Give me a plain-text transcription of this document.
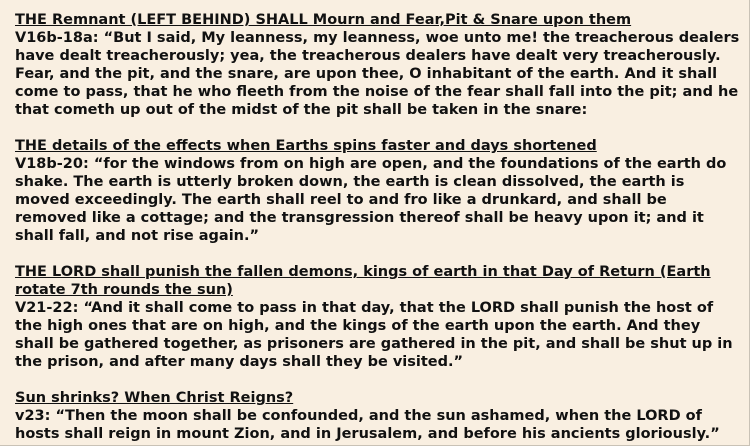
THE Remnant (LEFT BEHIND) SHALL Mourn and Fear,Pit & Snare upon them
V16b-18a: “But I said, My leanness, my leanness, woe unto me! the treacherous dealers have dealt treacherously; yea, the treacherous dealers have dealt very treacherously. Fear, and the pit, and the snare, are upon thee, O inhabitant of the earth. And it shall come to pass, that he who fleeth from the noise of the fear shall fall into the pit; and he that cometh up out of the midst of the pit shall be taken in the snare:
THE details of the effects when Earths spins faster and days shortened
V18b-20: “for the windows from on high are open, and the foundations of the earth do shake. The earth is utterly broken down, the earth is clean dissolved, the earth is moved exceedingly. The earth shall reel to and fro like a drunkard, and shall be removed like a cottage; and the transgression thereof shall be heavy upon it; and it shall fall, and not rise again.”
THE LORD shall punish the fallen demons, kings of earth in that Day of Return (Earth rotate 7th rounds the sun)
V21-22: “And it shall come to pass in that day, that the LORD shall punish the host of the high ones that are on high, and the kings of the earth upon the earth. And they shall be gathered together, as prisoners are gathered in the pit, and shall be shut up in the prison, and after many days shall they be visited.”
Sun shrinks? When Christ Reigns?
v23: “Then the moon shall be confounded, and the sun ashamed, when the LORD of hosts shall reign in mount Zion, and in Jerusalem, and before his ancients gloriously.”
